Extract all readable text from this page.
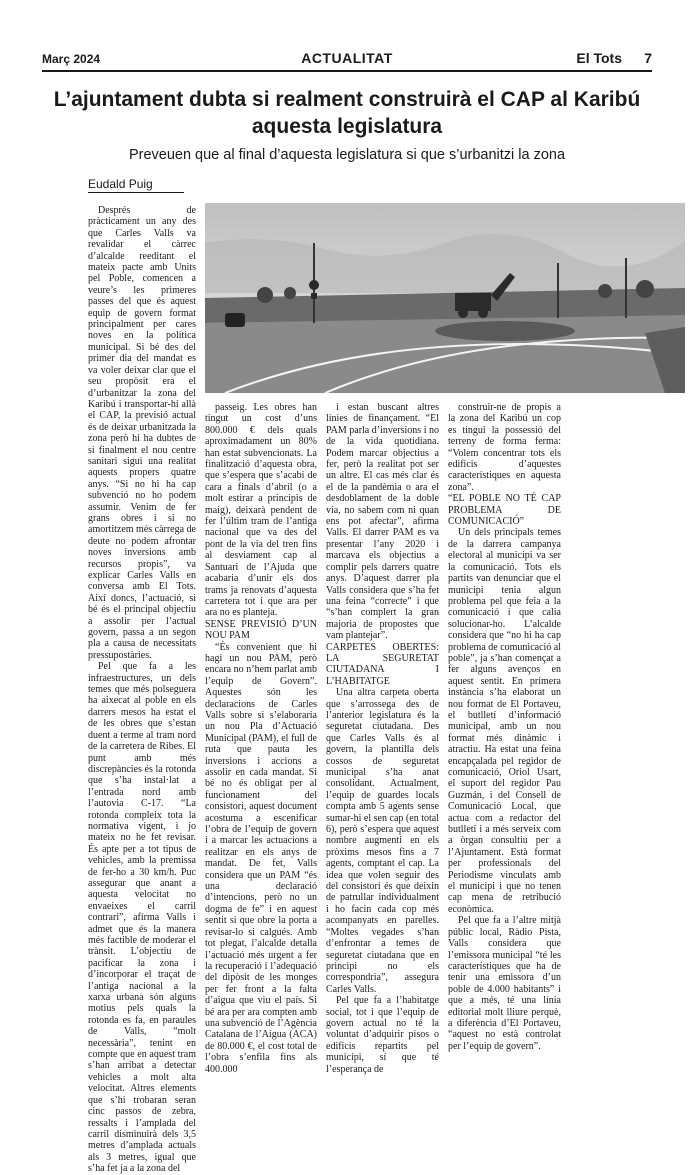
Març 2024	ACTUALITAT	El Tots 7
L’ajuntament dubta si realment construirà el CAP al Karibú aquesta legislatura
Preveuen que al final d’aquesta legislatura si que s’urbanitzi la zona
Eudald Puig

Després de pràcticament un any des que Carles Valls va revalidar el càrrec d’alcalde reeditant el mateix pacte amb Units pel Poble, comencen a veure’s les primeres passes del que és aquest equip de govern format principalment per cares noves en la política municipal. Si bé des del primer dia del mandat es va voler deixar clar que el seu propòsit era el d’urbanitzar la zona del Karibú i transportar-hi allà el CAP, la previsió actual és de deixar urbanitzada la zona però hi ha dubtes de si finalment el nou centre sanitari sigui una realitat aquests propers quatre anys. “Si no hi ha cap subvenció no ho podem assumir. Venim de fer grans obres i si no amortitzem més càrrega de deute no podem afrontar noves inversions amb recursos propis”, va explicar Carles Valls en conversa amb El Tots. Així doncs, l’actuació, si bé és el principal objectiu a assolir per l’actual govern, passa a un segon pla a causa de necessitats pressupostàries.

Pel que fa a les infraestructures, un dels temes que més polseguera ha aixecat al poble en els darrers mesos ha estat el de les obres que s’estan duent a terme al tram nord de la carretera de Ribes. El punt amb més discrepàncies és la rotonda que s’ha instal·lat a l’entrada nord amb l’autovia C-17. “La rotonda compleix tota la normativa vigent, i jo mateix no he fet revisar. És apte per a tot tipus de vehicles, amb la premissa de fer-ho a 30 km/h. Puc assegurar que anant a aquesta velocitat no envaeixes el carril contrari”, afirma Valls i admet que és la manera més factible de moderar el trànsit. L’objectiu de pacificar la zona i d’incorporar el traçat de l’antiga nacional a la xarxa urbana són alguns motius pels quals la rotonda es fa, en paraules de Valls, “molt necessària”, tenint en compte que en aquest tram s’han arribat a detectar vehicles a molt alta velocitat. Altres elements que s’hi trobaran seran cinc passos de zebra, ressalts i l’amplada del carril disminuirà dels 3,5 metres d’amplada actuals als 3 metres, igual que s’ha fet ja a la zona del

passeig. Les obres han tingut un cost d’uns 800.000 € dels quals aproximadament un 80% han estat subvencionats. La finalització d’aquesta obra, que s’espera que s’acabi de cara a finals d’abril (o a molt estirar a principis de maig), deixarà pendent de fer l’últim tram de l’antiga nacional que va des del pont de la via del tren fins al desviament cap al Santuari de l’Ajuda que acabaria d’unir els dos trams ja renovats d’aquesta carretera tot i que ara per ara no es planteja.

SENSE PREVISIÓ D’UN NOU PAM

“És convenient que hi hagi un nou PAM, però encara no n’hem parlat amb l’equip de Govern”. Aquestes són les declaracions de Carles Valls sobre si s’elaboraria un nou Pla d’Actuació Municipal (PAM), el full de ruta que pauta les inversions i accions a assolir en cada mandat. Si bé no és obligat per al funcionament del consistori, aquest document acostuma a escenificar l’obra de l’equip de govern i a marcar les actuacions a realitzar en els anys de mandat. De fet, Valls considera que un PAM “és una declaració d’intencions, però no un dogma de fe” i en aquest sentit si que obre la porta a revisar-lo si calgués. Amb tot plegat, l’alcalde detalla l’actuació més urgent a fer la recuperació i l’adequació del dipòsit de les monges per fer front a la falta d’aigua que viu el país. Si bé ara per ara compten amb una subvenció de l’Agència Catalana de l’Aigua (ACA) de 80.000 €, el cost total de l’obra s’enfila fins als 400.000

i estan buscant altres línies de finançament. “El PAM parla d’inversions i no de la vida quotidiana. Podem marcar objectius a fer, però la realitat pot ser un altre. El cas més clar és el de la pandèmia o ara el desdoblament de la doble via, no sabem com ni quan ens pot afectar”, afirma Valls. El darrer PAM es va presentar l’any 2020 i marcava els objectius a complir pels darrers quatre anys. D’aquest darrer pla Valls considera que s’ha fet una feina “correcte” i que “s’han complert la gran majoria de propostes que vam plantejar”.

CARPETES OBERTES: LA SEGURETAT CIUTADANA I L’HABITATGE

Una altra carpeta oberta que s’arrossega des de l’anterior legislatura és la seguretat ciutadana. Des que Carles Valls és al govern, la plantilla dels cossos de seguretat municipal s’ha anat consolidant. Actualment, l’equip de guardes locals compta amb 5 agents sense sumar-hi el sen cap (en total 6), però s’espera que aquest nombre augmenti en els pròxims mesos fins a 7 agents, comptant el cap. La idea que volen seguir des del consistori és que deixin de patrullar individualment i ho facin cada cop més acompanyats en parelles. “Moltes vegades s’han d’enfrontar a temes de seguretat ciutadana que en principi no els correspondria”, assegura Carles Valls.

Pel que fa a l’habitatge social, tot i que l’equip de govern actual no té la voluntat d’adquirir pisos o edificis repartits pel municipi, sí que té l’esperança de

construir-ne de propis a la zona del Karibú un cop es tingui la possessió del terreny de forma ferma: “Volem concentrar tots els edificis d’aquestes característiques en aquesta zona”.

“EL POBLE NO TÉ CAP PROBLEMA DE COMUNICACIÓ”

Un dels principals temes de la darrera campanya electoral al municipi va ser la comunicació. Tots els partits van denunciar que el municipi tenia algun problema pel que feia a la comunicació i que calia solucionar-ho. L’alcalde considera que “no hi ha cap problema de comunicació al poble”, ja s’han començat a fer alguns avenços en aquest sentit. En primera instància s’ha elaborat un nou format de El Portaveu, el butlletí d’informació municipal, amb un nou format més dinàmic i atractiu. Ha estat una feina encapçalada pel regidor de comunicació, Oriol Usart, el suport del regidor Pau Guzmán, i del Consell de Comunicació Local, que actua com a redactor del butlletí i a més serveix com a òrgan consultiu per a l’Ajuntament. Està format per professionals del Periodisme vinculats amb el municipi i que no tenen cap mena de retribució econòmica.

Pel que fa a l’altre mitjà públic local, Ràdio Pista, Valls considera que l’emissora municipal “té les característiques que ha de tenir una emissora d’un poble de 4.000 habitants” i que a més, té una línia editorial molt lliure perquè, a diferència d’El Portaveu, “aquest no està controlat per l’equip de govern”.
